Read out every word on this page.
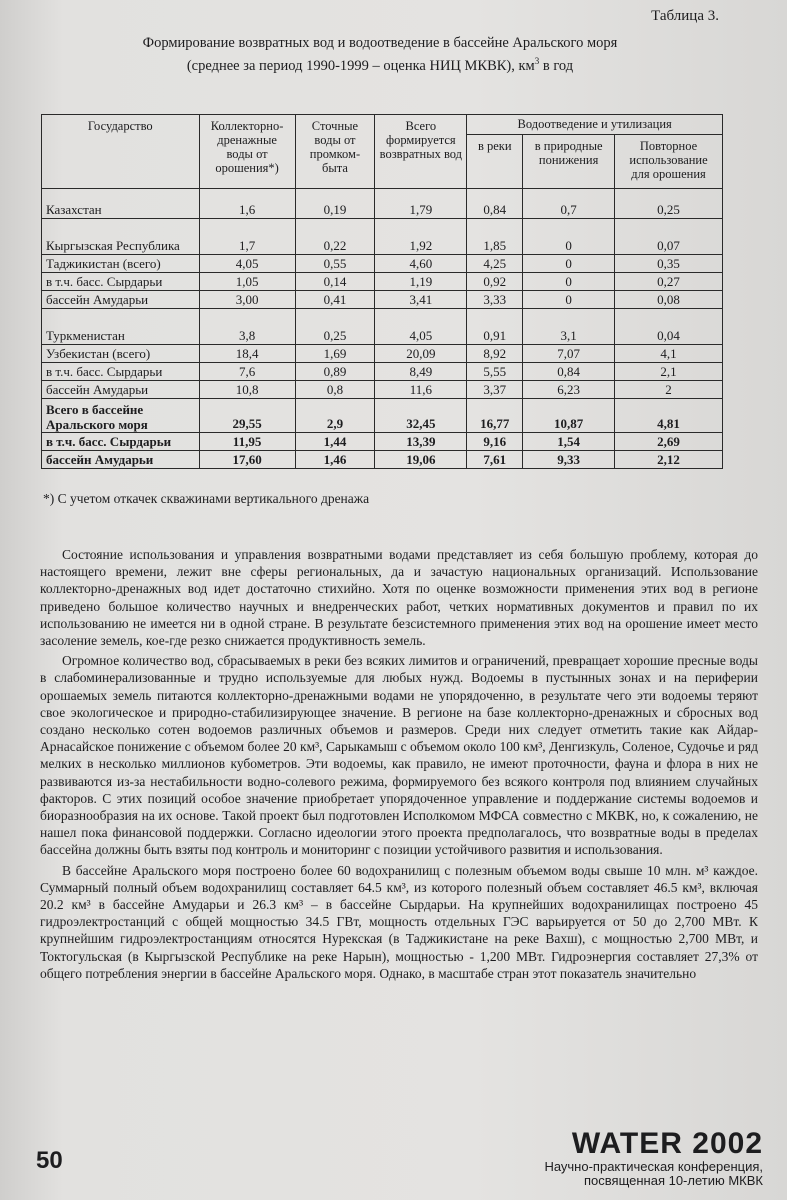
Таблица 3.
Формирование возвратных вод и водоотведение в бассейне Аральского моря
(среднее за период 1990-1999 – оценка НИЦ МКВК), $км^3$ в год
Государство	Коллекторно-дренажные воды от орошения*)	Сточные воды от промком-быта	Всего формируется возвратных вод	Водоотведение и утилизация		
				в реки	в природные понижения	Повторное использование для орошения
Казахстан	1,6	0,19	1,79	0,84	0,7	0,25
Кыргызская Республика	1,7	0,22	1,92	1,85	0	0,07
Таджикистан (всего)	4,05	0,55	4,60	4,25	0	0,35
в т.ч. басс. Сырдарьи	1,05	0,14	1,19	0,92	0	0,27
бассейн Амударьи	3,00	0,41	3,41	3,33	0	0,08
Туркменистан	3,8	0,25	4,05	0,91	3,1	0,04
Узбекистан (всего)	18,4	1,69	20,09	8,92	7,07	4,1
в т.ч. басс. Сырдарьи	7,6	0,89	8,49	5,55	0,84	2,1
бассейн Амударьи	10,8	0,8	11,6	3,37	6,23	2
Всего в бассейне Аральского моря	29,55	2,9	32,45	16,77	10,87	4,81
в т.ч. басс. Сырдарьи	11,95	1,44	13,39	9,16	1,54	2,69
бассейн Амударьи	17,60	1,46	19,06	7,61	9,33	2,12
*) С учетом откачек скважинами вертикального дренажа

Состояние использования и управления возвратными водами представляет из себя большую проблему, которая до настоящего времени, лежит вне сферы региональных, да и зачастую национальных организаций. Использование коллекторно-дренажных вод идет достаточно стихийно. Хотя по оценке возможности применения этих вод в регионе приведено большое количество научных и внедренческих работ, четких нормативных документов и правил по их использованию не имеется ни в одной стране. В результате безсистемного применения этих вод на орошение имеет место засоление земель, кое-где резко снижается продуктивность земель.

Огромное количество вод, сбрасываемых в реки без всяких лимитов и ограничений, превращает хорошие пресные воды в слабоминерализованные и трудно используемые для любых нужд. Водоемы в пустынных зонах и на периферии орошаемых земель питаются коллекторно-дренажными водами не упорядоченно, в результате чего эти водоемы теряют свое экологическое и природно-стабилизирующее значение. В регионе на базе коллекторно-дренажных и сбросных вод создано несколько сотен водоемов различных объемов и размеров. Среди них следует отметить такие как Айдар-Арнасайское понижение с объемом более 20 км³, Сарыкамыш с объемом около 100 км³, Денгизкуль, Соленое, Судочье и ряд мелких в несколько миллионов кубометров. Эти водоемы, как правило, не имеют проточности, фауна и флора в них не развиваются из-за нестабильности водно-солевого режима, формируемого без всякого контроля под влиянием случайных факторов. С этих позиций особое значение приобретает упорядоченное управление и поддержание системы водоемов и биоразнообразия на их основе. Такой проект был подготовлен Исполкомом МФСА совместно с МКВК, но, к сожалению, не нашел пока финансовой поддержки. Согласно идеологии этого проекта предполагалось, что возвратные воды в пределах бассейна должны быть взяты под контроль и мониторинг с позиции устойчивого развития и использования.

В бассейне Аральского моря построено более 60 водохранилищ с полезным объемом воды свыше 10 млн. м³ каждое. Суммарный полный объем водохранилищ составляет 64.5 км³, из которого полезный объем составляет 46.5 км³, включая 20.2 км³ в бассейне Амударьи и 26.3 км³ – в бассейне Сырдарьи. На крупнейших водохранилищах построено 45 гидроэлектростанций с общей мощностью 34.5 ГВт, мощность отдельных ГЭС варьируется от 50 до 2,700 МВт. К крупнейшим гидроэлектростанциям относятся Нурекская (в Таджикистане на реке Вахш), с мощностью 2,700 МВт, и Токтогульская (в Кыргызской Республике на реке Нарын), мощностью - 1,200 МВт. Гидроэнергия составляет 27,3% от общего потребления энергии в бассейне Аральского моря. Однако, в масштабе стран этот показатель значительно

50
WATER 2002
Научно-практическая конференция,
посвященная 10-летию МКВК
